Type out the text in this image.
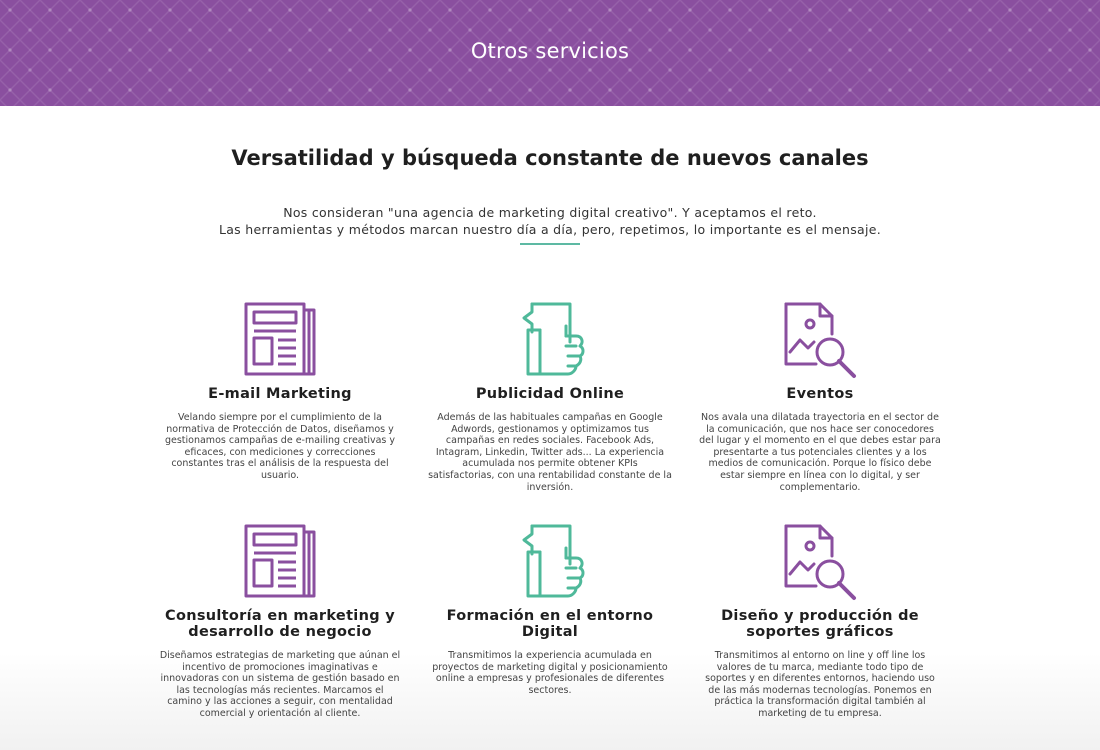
Otros servicios
Versatilidad y búsqueda constante de nuevos canales

Nos consideran "una agencia de marketing digital creativo". Y aceptamos el reto.

Las herramientas y métodos marcan nuestro día a día, pero, repetimos, lo importante es el mensaje.

E-mail Marketing

Velando siempre por el cumplimiento de la normativa de Protección de Datos, diseñamos y gestionamos campañas de e-mailing creativas y eficaces, con mediciones y correcciones constantes tras el análisis de la respuesta del usuario.

Publicidad Online

Además de las habituales campañas en Google Adwords, gestionamos y optimizamos tus campañas en redes sociales. Facebook Ads, Intagram, Linkedin, Twitter ads... La experiencia acumulada nos permite obtener KPIs satisfactorias, con una rentabilidad constante de la inversión.

Eventos

Nos avala una dilatada trayectoria en el sector de la comunicación, que nos hace ser conocedores del lugar y el momento en el que debes estar para presentarte a tus potenciales clientes y a los medios de comunicación. Porque lo físico debe estar siempre en línea con lo digital, y ser complementario.

Consultoría en marketing y desarrollo de negocio

Diseñamos estrategias de marketing que aúnan el incentivo de promociones imaginativas e innovadoras con un sistema de gestión basado en las tecnologías más recientes. Marcamos el camino y las acciones a seguir, con mentalidad comercial y orientación al cliente.

Formación en el entorno Digital

Transmitimos la experiencia acumulada en proyectos de marketing digital y posicionamiento online a empresas y profesionales de diferentes sectores.

Diseño y producción de soportes gráficos

Transmitimos al entorno on line y off line los valores de tu marca, mediante todo tipo de soportes y en diferentes entornos, haciendo uso de las más modernas tecnologías. Ponemos en práctica la transformación digital también al marketing de tu empresa.
